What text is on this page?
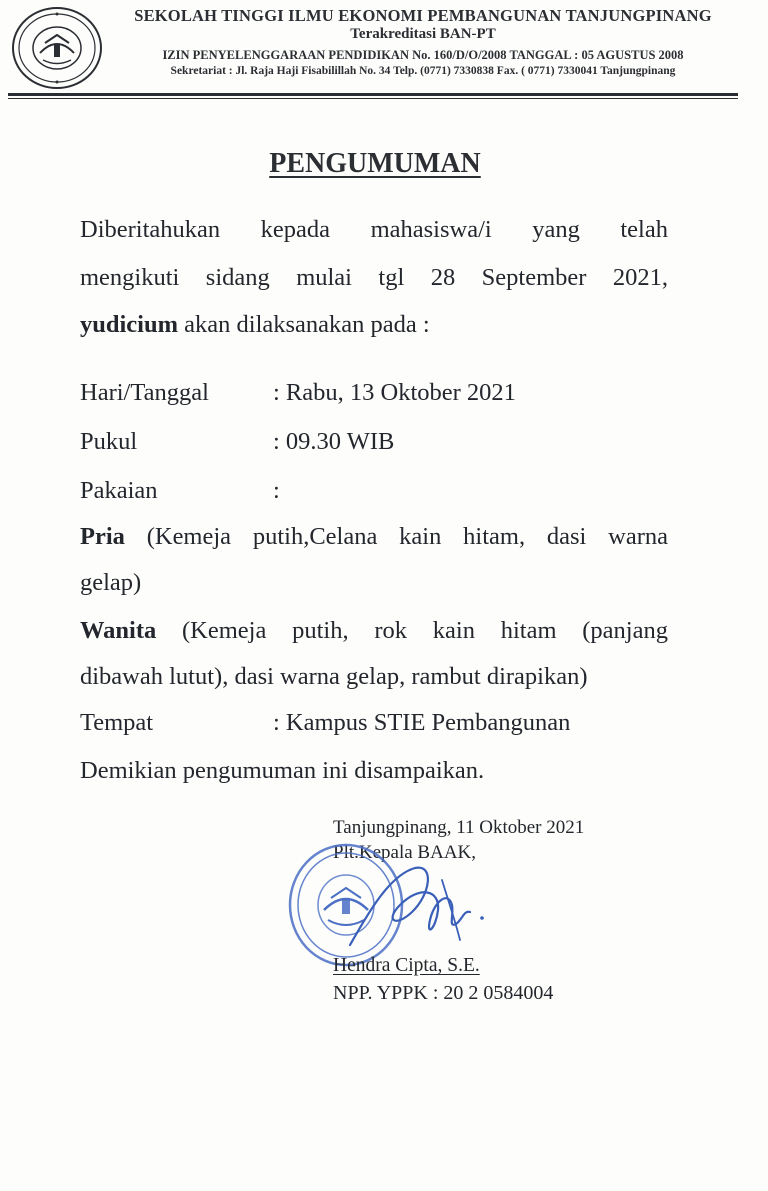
SEKOLAH TINGGI ILMU EKONOMI PEMBANGUNAN TANJUNGPINANG
Terakreditasi BAN-PT
IZIN PENYELENGGARAAN PENDIDIKAN No. 160/D/O/2008 TANGGAL : 05 AGUSTUS 2008
Sekretariat : Jl. Raja Haji Fisabilillah No. 34 Telp. (0771) 7330838 Fax. ( 0771) 7330041 Tanjungpinang
PENGUMUMAN
Diberitahukan kepada mahasiswa/i yang telah
mengikuti sidang mulai tgl 28 September 2021,
yudicium akan dilaksanakan pada :
Hari/Tanggal	: Rabu, 13 Oktober 2021
Pukul	: 09.30 WIB
Pakaian	:
Pria (Kemeja putih,Celana kain hitam, dasi warna
gelap)
Wanita (Kemeja putih, rok kain hitam (panjang
dibawah lutut), dasi warna gelap, rambut dirapikan)
Tempat	: Kampus STIE Pembangunan
Demikian pengumuman ini disampaikan.
Tanjungpinang, 11 Oktober 2021
Plt.Kepala BAAK,
Hendra Cipta, S.E.
NPP. YPPK : 20 2 0584004
